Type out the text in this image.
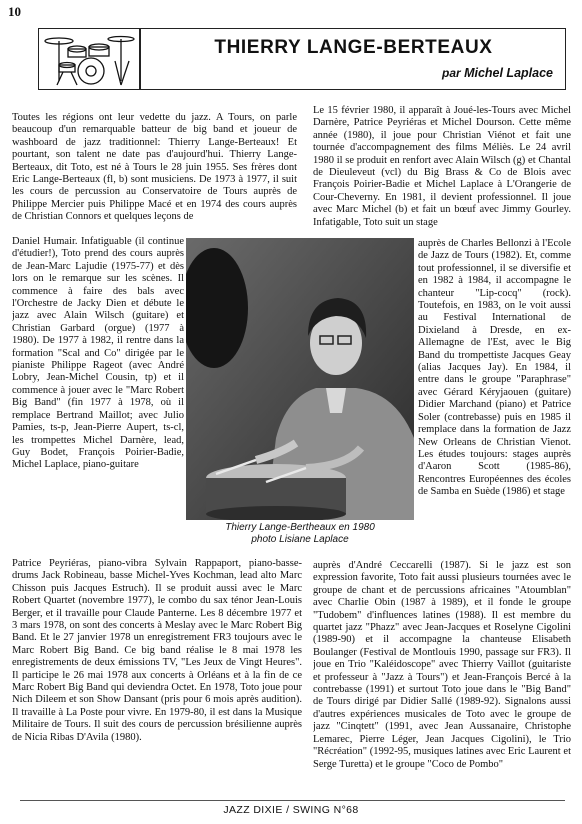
10
THIERRY LANGE-BERTEAUX
par Michel Laplace

Toutes les régions ont leur vedette du jazz. A Tours, on parle beaucoup d'un remarquable batteur de big band et joueur de washboard de jazz traditionnel: Thierry Lange-Berteaux! Et pourtant, son talent ne date pas d'aujourd'hui. Thierry Lange-Berteaux, dit Toto, est né à Tours le 28 juin 1955. Ses frères dont Eric Lange-Berteaux (fl, b) sont musiciens. De 1973 à 1977, il suit les cours de percussion au Conservatoire de Tours auprès de Philippe Mercier puis Philippe Macé et en 1974 des cours auprès de Christian Connors et quelques leçons de

Daniel Humair. Infatiguable (il continue d'étudier!), Toto prend des cours auprès de Jean-Marc Lajudie (1975-77) et dès lors on le remarque sur les scènes. Il commence à faire des bals avec l'Orchestre de Jacky Dien et débute le jazz avec Alain Wilsch (guitare) et Christian Garbard (orgue) (1977 à 1980). De 1977 à 1982, il rentre dans la formation "Scal and Co" dirigée par le pianiste Philippe Rageot (avec André Lobry, Jean-Michel Cousin, tp) et il commence à jouer avec le "Marc Robert Big Band" (fin 1977 à 1978, où il remplace Bertrand Maillot; avec Julio Pamies, ts-p, Jean-Pierre Aupert, ts-cl, les trompettes Michel Darnère, lead, Guy Bodet, François Poirier-Badie, Michel Laplace, piano-guitare

Thierry Lange-Bertheaux en 1980
photo Lisiane Laplace

Patrice Peyriéras, piano-vibra Sylvain Rappaport, piano-basse-drums Jack Robineau, basse Michel-Yves Kochman, lead alto Marc Chisson puis Jacques Estruch). Il se produit aussi avec le Marc Robert Quartet (novembre 1977), le combo du sax ténor Jean-Louis Berger, et il travaille pour Claude Panterne. Les 8 décembre 1977 et 3 mars 1978, on sont des concerts à Meslay avec le Marc Robert Big Band. Et le 27 janvier 1978 un enregistrement FR3 toujours avec le Marc Robert Big Band. Ce big band réalise le 8 mai 1978 les enregistrements de deux émissions TV, "Les Jeux de Vingt Heures". Il participe le 26 mai 1978 aux concerts à Orléans et à la fin de ce Marc Robert Big Band qui deviendra Octet. En 1978, Toto joue pour Nich Dileem et son Show Dansant (pris pour 6 mois après audition). Il travaille à La Poste pour vivre. En 1979-80, il est dans la Musique Militaire de Tours. Il suit des cours de percussion brésilienne auprès de Nicia Ribas D'Avila (1980).

Le 15 février 1980, il apparaît à Joué-les-Tours avec Michel Darnère, Patrice Peyriéras et Michel Dourson. Cette même année (1980), il joue pour Christian Viénot et fait une tournée d'accompagnement des films Méliès. Le 24 avril 1980 il se produit en renfort avec Alain Wilsch (g) et Chantal de Dieuleveut (vcl) du Big Brass & Co de Blois avec François Poirier-Badie et Michel Laplace à L'Orangerie de Cour-Cheverny. En 1981, il devient professionnel. Il joue avec Marc Michel (b) et fait un bœuf avec Jimmy Gourley. Infatigable, Toto suit un stage

auprès de Charles Bellonzi à l'Ecole de Jazz de Tours (1982). Et, comme tout professionnel, il se diversifie et en 1982 à 1984, il accompagne le chanteur "Lip-cocq" (rock). Toutefois, en 1983, on le voit aussi au Festival International de Dixieland à Dresde, en ex-Allemagne de l'Est, avec le Big Band du trompettiste Jacques Geay (alias Jacques Jay). En 1984, il entre dans le groupe "Paraphrase" avec Gérard Kéryjaouen (guitare) Didier Marchand (piano) et Patrice Soler (contrebasse) puis en 1985 il remplace dans la formation de Jazz New Orleans de Christian Vienot. Les études toujours: stages auprès d'Aaron Scott (1985-86), Rencontres Européennes des écoles de Samba en Suède (1986) et stage

auprès d'André Ceccarelli (1987). Si le jazz est son expression favorite, Toto fait aussi plusieurs tournées avec le groupe de chant et de percussions africaines "Atoumblan" avec Charlie Obin (1987 à 1989), et il fonde le groupe "Tudobem" d'influences latines (1988). Il est membre du quartet jazz "Phazz" avec Jean-Jacques et Roselyne Cigolini (1989-90) et il accompagne la chanteuse Elisabeth Boulanger (Festival de Montlouis 1990, passage sur FR3). Il joue en Trio "Kaléidoscope" avec Thierry Vaillot (guitariste et professeur à "Jazz à Tours") et Jean-François Bercé à la contrebasse (1991) et surtout Toto joue dans le "Big Band" de Tours dirigé par Didier Sallé (1989-92). Signalons aussi d'autres expériences musicales de Toto avec le groupe de jazz "Cinqtett" (1991, avec Jean Aussanaire, Christophe Lemarec, Pierre Léger, Jean Jacques Cigolini), le Trio "Récréation" (1992-95, musiques latines avec Eric Laurent et Serge Turetta) et le groupe "Coco de Pombo"

JAZZ DIXIE / SWING N°68
